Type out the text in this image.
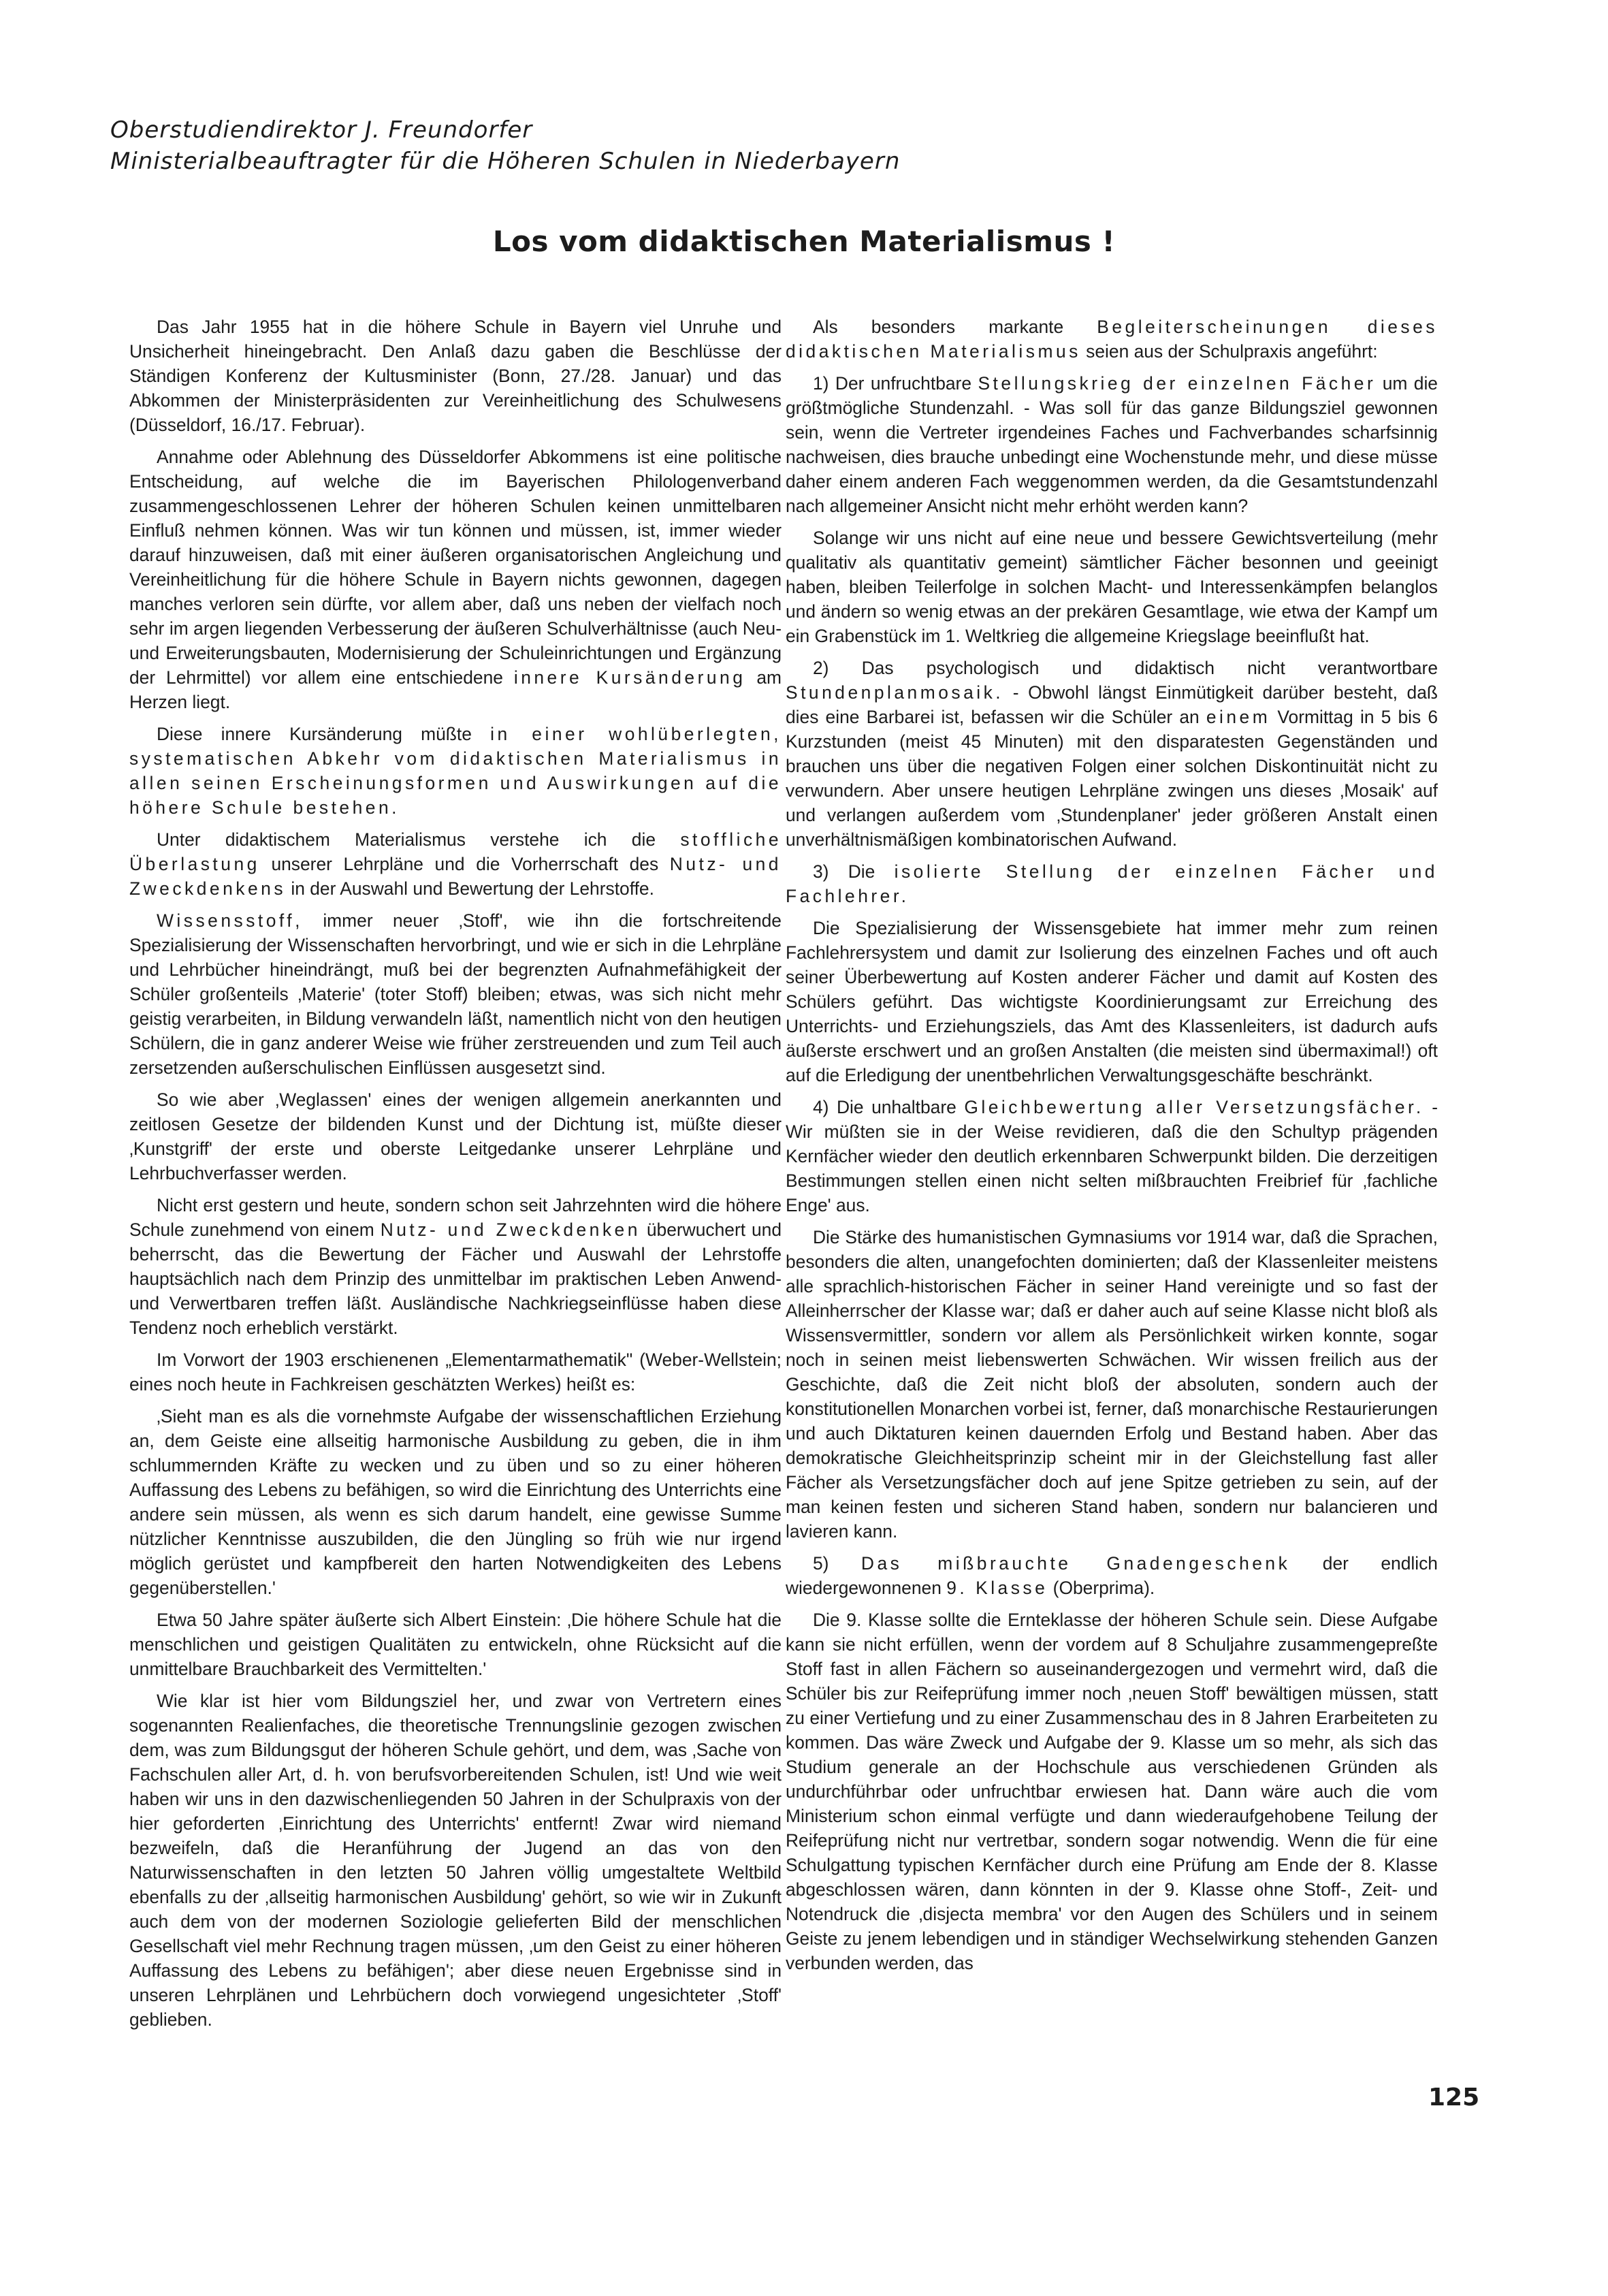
Oberstudiendirektor J. Freundorfer
Ministerialbeauftragter für die Höheren Schulen in Niederbayern
Los vom didaktischen Materialismus !

Das Jahr 1955 hat in die höhere Schule in Bayern viel Unruhe und Unsicherheit hineingebracht. Den Anlaß dazu gaben die Beschlüsse der Ständigen Konferenz der Kultusminister (Bonn, 27./28. Januar) und das Abkommen der Ministerpräsidenten zur Vereinheitlichung des Schulwesens (Düsseldorf, 16./17. Februar).

Annahme oder Ablehnung des Düsseldorfer Abkommens ist eine politische Entscheidung, auf welche die im Bayerischen Philologenverband zusammengeschlossenen Lehrer der höheren Schulen keinen unmittelbaren Einfluß nehmen können. Was wir tun können und müssen, ist, immer wieder darauf hinzuweisen, daß mit einer äußeren organisatorischen Angleichung und Vereinheitlichung für die höhere Schule in Bayern nichts gewonnen, dagegen manches verloren sein dürfte, vor allem aber, daß uns neben der vielfach noch sehr im argen liegenden Verbesserung der äußeren Schulverhältnisse (auch Neu- und Erweiterungsbauten, Modernisierung der Schuleinrichtungen und Ergänzung der Lehrmittel) vor allem eine entschiedene innere Kursänderung am Herzen liegt.

Diese innere Kursänderung müßte in einer wohlüberlegten, systematischen Abkehr vom didaktischen Materialismus in allen seinen Erscheinungsformen und Auswirkungen auf die höhere Schule bestehen.

Unter didaktischem Materialismus verstehe ich die stoffliche Überlastung unserer Lehrpläne und die Vorherrschaft des Nutz- und Zweckdenkens in der Auswahl und Bewertung der Lehrstoffe.

Wissensstoff, immer neuer ‚Stoff', wie ihn die fortschreitende Spezialisierung der Wissenschaften hervorbringt, und wie er sich in die Lehrpläne und Lehrbücher hineindrängt, muß bei der begrenzten Aufnahmefähigkeit der Schüler großenteils ‚Materie' (toter Stoff) bleiben; etwas, was sich nicht mehr geistig verarbeiten, in Bildung verwandeln läßt, namentlich nicht von den heutigen Schülern, die in ganz anderer Weise wie früher zerstreuenden und zum Teil auch zersetzenden außerschulischen Einflüssen ausgesetzt sind.

So wie aber ‚Weglassen' eines der wenigen allgemein anerkannten und zeitlosen Gesetze der bildenden Kunst und der Dichtung ist, müßte dieser ‚Kunstgriff' der erste und oberste Leitgedanke unserer Lehrpläne und Lehrbuchverfasser werden.

Nicht erst gestern und heute, sondern schon seit Jahrzehnten wird die höhere Schule zunehmend von einem Nutz- und Zweckdenken überwuchert und beherrscht, das die Bewertung der Fächer und Auswahl der Lehrstoffe hauptsächlich nach dem Prinzip des unmittelbar im praktischen Leben Anwend- und Verwertbaren treffen läßt. Ausländische Nachkriegseinflüsse haben diese Tendenz noch erheblich verstärkt.

Im Vorwort der 1903 erschienenen „Elementarmathematik" (Weber-Wellstein; eines noch heute in Fachkreisen geschätzten Werkes) heißt es:

‚Sieht man es als die vornehmste Aufgabe der wissenschaftlichen Erziehung an, dem Geiste eine allseitig harmonische Ausbildung zu geben, die in ihm schlummernden Kräfte zu wecken und zu üben und so zu einer höheren Auffassung des Lebens zu befähigen, so wird die Einrichtung des Unterrichts eine andere sein müssen, als wenn es sich darum handelt, eine gewisse Summe nützlicher Kenntnisse auszubilden, die den Jüngling so früh wie nur irgend möglich gerüstet und kampfbereit den harten Notwendigkeiten des Lebens gegenüberstellen.'

Etwa 50 Jahre später äußerte sich Albert Einstein: ‚Die höhere Schule hat die menschlichen und geistigen Qualitäten zu entwickeln, ohne Rücksicht auf die unmittelbare Brauchbarkeit des Vermittelten.'

Wie klar ist hier vom Bildungsziel her, und zwar von Vertretern eines sogenannten Realienfaches, die theoretische Trennungslinie gezogen zwischen dem, was zum Bildungsgut der höheren Schule gehört, und dem, was ‚Sache von Fachschulen aller Art, d. h. von berufsvorbereitenden Schulen, ist! Und wie weit haben wir uns in den dazwischenliegenden 50 Jahren in der Schulpraxis von der hier geforderten ‚Einrichtung des Unterrichts' entfernt! Zwar wird niemand bezweifeln, daß die Heranführung der Jugend an das von den Naturwissenschaften in den letzten 50 Jahren völlig umgestaltete Weltbild ebenfalls zu der ‚allseitig harmonischen Ausbildung' gehört, so wie wir in Zukunft auch dem von der modernen Soziologie gelieferten Bild der menschlichen Gesellschaft viel mehr Rechnung tragen müssen, ‚um den Geist zu einer höheren Auffassung des Lebens zu befähigen'; aber diese neuen Ergebnisse sind in unseren Lehrplänen und Lehrbüchern doch vorwiegend ungesichteter ‚Stoff' geblieben.

Als besonders markante Begleiterscheinungen dieses didaktischen Materialismus seien aus der Schulpraxis angeführt:

1) Der unfruchtbare Stellungskrieg der einzelnen Fächer um die größtmögliche Stundenzahl. - Was soll für das ganze Bildungsziel gewonnen sein, wenn die Vertreter irgendeines Faches und Fachverbandes scharfsinnig nachweisen, dies brauche unbedingt eine Wochenstunde mehr, und diese müsse daher einem anderen Fach weggenommen werden, da die Gesamtstundenzahl nach allgemeiner Ansicht nicht mehr erhöht werden kann?

Solange wir uns nicht auf eine neue und bessere Gewichtsverteilung (mehr qualitativ als quantitativ gemeint) sämtlicher Fächer besonnen und geeinigt haben, bleiben Teilerfolge in solchen Macht- und Interessenkämpfen belanglos und ändern so wenig etwas an der prekären Gesamtlage, wie etwa der Kampf um ein Grabenstück im 1. Weltkrieg die allgemeine Kriegslage beeinflußt hat.

2) Das psychologisch und didaktisch nicht verantwortbare Stundenplanmosaik. - Obwohl längst Einmütigkeit darüber besteht, daß dies eine Barbarei ist, befassen wir die Schüler an einem Vormittag in 5 bis 6 Kurzstunden (meist 45 Minuten) mit den disparatesten Gegenständen und brauchen uns über die negativen Folgen einer solchen Diskontinuität nicht zu verwundern. Aber unsere heutigen Lehrpläne zwingen uns dieses ‚Mosaik' auf und verlangen außerdem vom ‚Stundenplaner' jeder größeren Anstalt einen unverhältnismäßigen kombinatorischen Aufwand.

3) Die isolierte Stellung der einzelnen Fächer und Fachlehrer.

Die Spezialisierung der Wissensgebiete hat immer mehr zum reinen Fachlehrersystem und damit zur Isolierung des einzelnen Faches und oft auch seiner Überbewertung auf Kosten anderer Fächer und damit auf Kosten des Schülers geführt. Das wichtigste Koordinierungsamt zur Erreichung des Unterrichts- und Erziehungsziels, das Amt des Klassenleiters, ist dadurch aufs äußerste erschwert und an großen Anstalten (die meisten sind übermaximal!) oft auf die Erledigung der unentbehrlichen Verwaltungsgeschäfte beschränkt.

4) Die unhaltbare Gleichbewertung aller Versetzungsfächer. - Wir müßten sie in der Weise revidieren, daß die den Schultyp prägenden Kernfächer wieder den deutlich erkennbaren Schwerpunkt bilden. Die derzeitigen Bestimmungen stellen einen nicht selten mißbrauchten Freibrief für ‚fachliche Enge' aus.

Die Stärke des humanistischen Gymnasiums vor 1914 war, daß die Sprachen, besonders die alten, unangefochten dominierten; daß der Klassenleiter meistens alle sprachlich-historischen Fächer in seiner Hand vereinigte und so fast der Alleinherrscher der Klasse war; daß er daher auch auf seine Klasse nicht bloß als Wissensvermittler, sondern vor allem als Persönlichkeit wirken konnte, sogar noch in seinen meist liebenswerten Schwächen. Wir wissen freilich aus der Geschichte, daß die Zeit nicht bloß der absoluten, sondern auch der konstitutionellen Monarchen vorbei ist, ferner, daß monarchische Restaurierungen und auch Diktaturen keinen dauernden Erfolg und Bestand haben. Aber das demokratische Gleichheitsprinzip scheint mir in der Gleichstellung fast aller Fächer als Versetzungsfächer doch auf jene Spitze getrieben zu sein, auf der man keinen festen und sicheren Stand haben, sondern nur balancieren und lavieren kann.

5) Das mißbrauchte Gnadengeschenk der endlich wiedergewonnenen 9. Klasse (Oberprima).

Die 9. Klasse sollte die Ernteklasse der höheren Schule sein. Diese Aufgabe kann sie nicht erfüllen, wenn der vordem auf 8 Schuljahre zusammengepreßte Stoff fast in allen Fächern so auseinandergezogen und vermehrt wird, daß die Schüler bis zur Reifeprüfung immer noch ‚neuen Stoff' bewältigen müssen, statt zu einer Vertiefung und zu einer Zusammenschau des in 8 Jahren Erarbeiteten zu kommen. Das wäre Zweck und Aufgabe der 9. Klasse um so mehr, als sich das Studium generale an der Hochschule aus verschiedenen Gründen als undurchführbar oder unfruchtbar erwiesen hat. Dann wäre auch die vom Ministerium schon einmal verfügte und dann wiederaufgehobene Teilung der Reifeprüfung nicht nur vertretbar, sondern sogar notwendig. Wenn die für eine Schulgattung typischen Kernfächer durch eine Prüfung am Ende der 8. Klasse abgeschlossen wären, dann könnten in der 9. Klasse ohne Stoff-, Zeit- und Notendruck die ‚disjecta membra' vor den Augen des Schülers und in seinem Geiste zu jenem lebendigen und in ständiger Wechselwirkung stehenden Ganzen verbunden werden, das

125
